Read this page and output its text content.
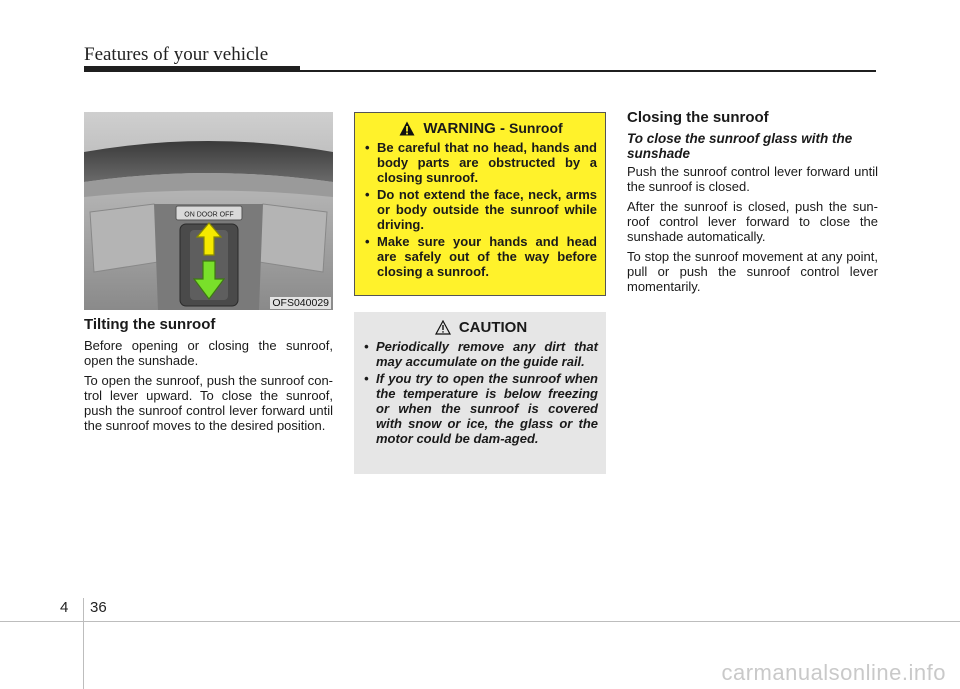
Features of your vehicle
ON DOOR OFF
OFS040029
Tilting the sunroof

Before opening or closing the sunroof, open the sunshade.

To open the sunroof, push the sunroof con-trol lever upward. To close the sunroof, push the sunroof control lever forward until the sunroof moves to the desired position.

WARNING - Sunroof
• Be careful that no head, hands and body parts are obstructed by a closing sunroof.
• Do not extend the face, neck, arms or body outside the sunroof while driving.
• Make sure your hands and head are safely out of the way before closing a sunroof.
CAUTION
• Periodically remove any dirt that may accumulate on the guide rail.
• If you try to open the sunroof when the temperature is below freezing or when the sunroof is covered with snow or ice, the glass or the motor could be dam-aged.
Closing the sunroof
To close the sunroof glass with the sunshade

Push the sunroof control lever forward until the sunroof is closed.

After the sunroof is closed, push the sun-roof control lever forward to close the sunshade automatically.

To stop the sunroof movement at any point, pull or push the sunroof control lever momentarily.

4 36
carmanualsonline.info
